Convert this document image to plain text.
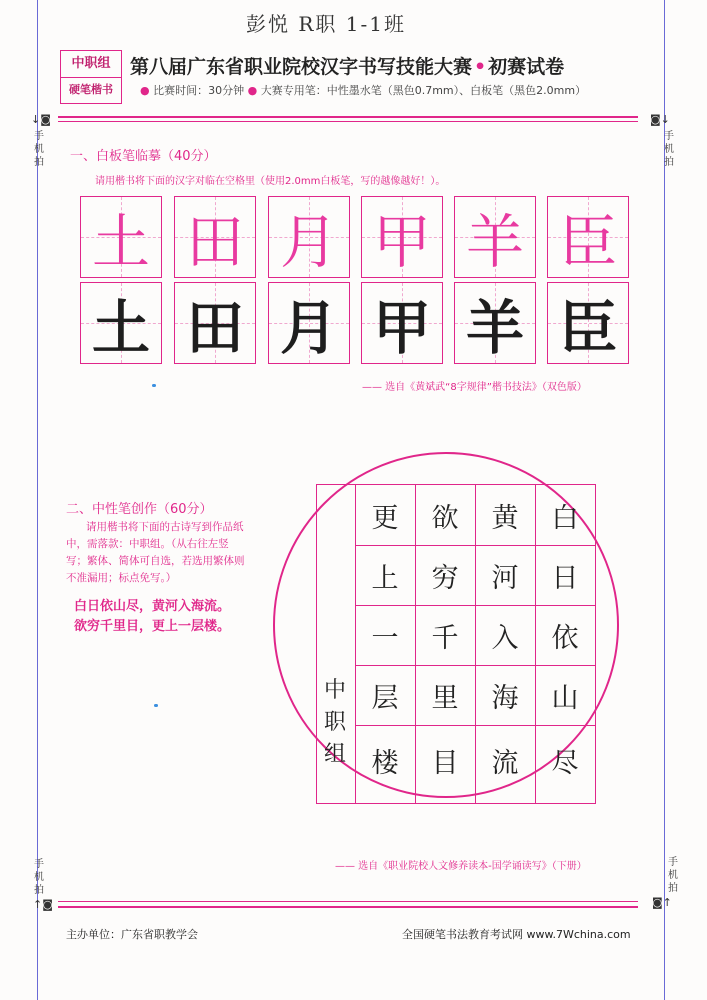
彭悦 R职 1-1班
中职组
硬笔楷书
第八届广东省职业院校汉字书写技能大赛 • 初赛试卷
● 比赛时间：30分钟 ● 大赛专用笔：中性墨水笔（黑色0.7mm）、白板笔（黑色2.0mm）
↓◙
手机拍
◙↓
手机拍
一、白板笔临摹（40分）
请用楷书将下面的汉字对临在空格里（使用2.0mm白板笔，写的越像越好！）。
土 田 月 甲 羊 臣
土 田 月 甲 羊 臣
—— 选自《黄斌武“8字规律”楷书技法》（双色版）
二、中性笔创作（60分）
请用楷书将下面的古诗写到作品纸中，需落款：中职组。（从右往左竖写；繁体、简体可自选，若选用繁体则不准漏用；标点免写。）
白日依山尽，黄河入海流。
欲穷千里目，更上一层楼。
白
日
依
山
尽
黄
河
入
海
流
欲
穷
千
里
目
更
上
一
层
楼
中
职
组
—— 选自《职业院校人文修养读本-国学诵读写》（下册）
手机拍
↑◙
手机拍
◙↑
主办单位：广东省职教学会	全国硬笔书法教育考试网 www.7Wchina.com
